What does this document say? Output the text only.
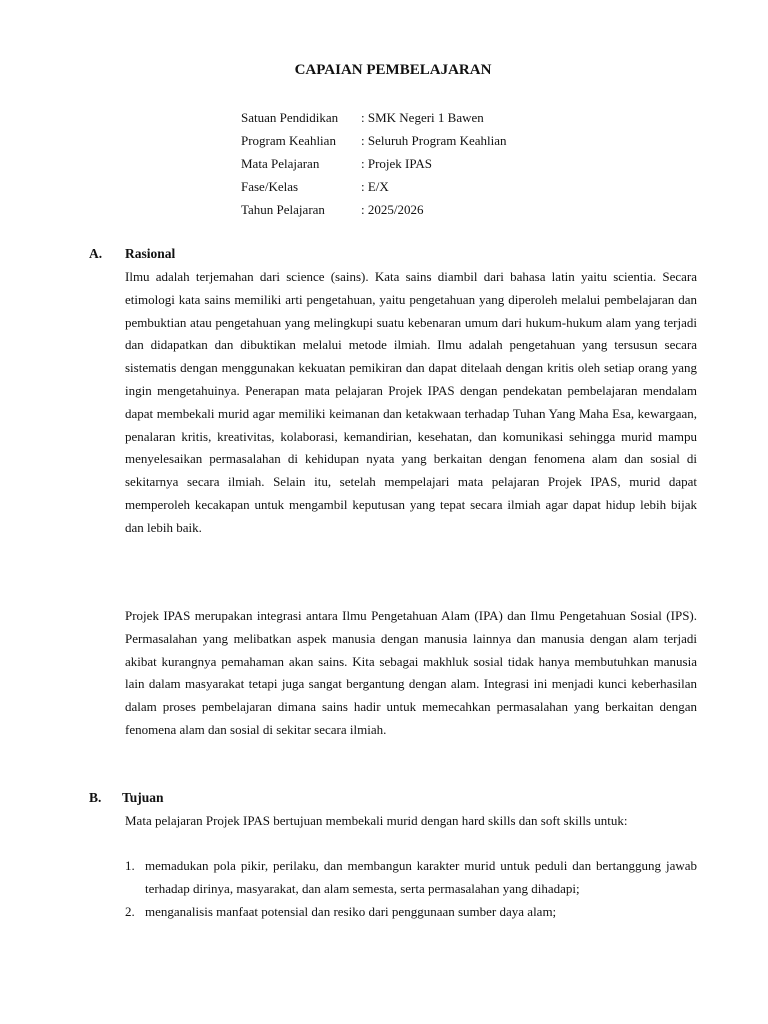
CAPAIAN PEMBELAJARAN
Satuan Pendidikan	: SMK Negeri 1 Bawen
Program Keahlian	: Seluruh Program Keahlian
Mata Pelajaran	: Projek IPAS
Fase/Kelas	: E/X
Tahun Pelajaran	: 2025/2026
A. Rasional
Ilmu adalah terjemahan dari science (sains). Kata sains diambil dari bahasa latin yaitu scientia. Secara etimologi kata sains memiliki arti pengetahuan, yaitu pengetahuan yang diperoleh melalui pembelajaran dan pembuktian atau pengetahuan yang melingkupi suatu kebenaran umum dari hukum-hukum alam yang terjadi dan didapatkan dan dibuktikan melalui metode ilmiah. Ilmu adalah pengetahuan yang tersusun secara sistematis dengan menggunakan kekuatan pemikiran dan dapat ditelaah dengan kritis oleh setiap orang yang ingin mengetahuinya. Penerapan mata pelajaran Projek IPAS dengan pendekatan pembelajaran mendalam dapat membekali murid agar memiliki keimanan dan ketakwaan terhadap Tuhan Yang Maha Esa, kewargaan, penalaran kritis, kreativitas, kolaborasi, kemandirian, kesehatan, dan komunikasi sehingga murid mampu menyelesaikan permasalahan di kehidupan nyata yang berkaitan dengan fenomena alam dan sosial di sekitarnya secara ilmiah. Selain itu, setelah mempelajari mata pelajaran Projek IPAS, murid dapat memperoleh kecakapan untuk mengambil keputusan yang tepat secara ilmiah agar dapat hidup lebih bijak dan lebih baik.
Projek IPAS merupakan integrasi antara Ilmu Pengetahuan Alam (IPA) dan Ilmu Pengetahuan Sosial (IPS). Permasalahan yang melibatkan aspek manusia dengan manusia lainnya dan manusia dengan alam terjadi akibat kurangnya pemahaman akan sains. Kita sebagai makhluk sosial tidak hanya membutuhkan manusia lain dalam masyarakat tetapi juga sangat bergantung dengan alam. Integrasi ini menjadi kunci keberhasilan dalam proses pembelajaran dimana sains hadir untuk memecahkan permasalahan yang berkaitan dengan fenomena alam dan sosial di sekitar secara ilmiah.
B. Tujuan
Mata pelajaran Projek IPAS bertujuan membekali murid dengan hard skills dan soft skills untuk:
1. memadukan pola pikir, perilaku, dan membangun karakter murid untuk peduli dan bertanggung jawab terhadap dirinya, masyarakat, dan alam semesta, serta permasalahan yang dihadapi;
2. menganalisis manfaat potensial dan resiko dari penggunaan sumber daya alam;
